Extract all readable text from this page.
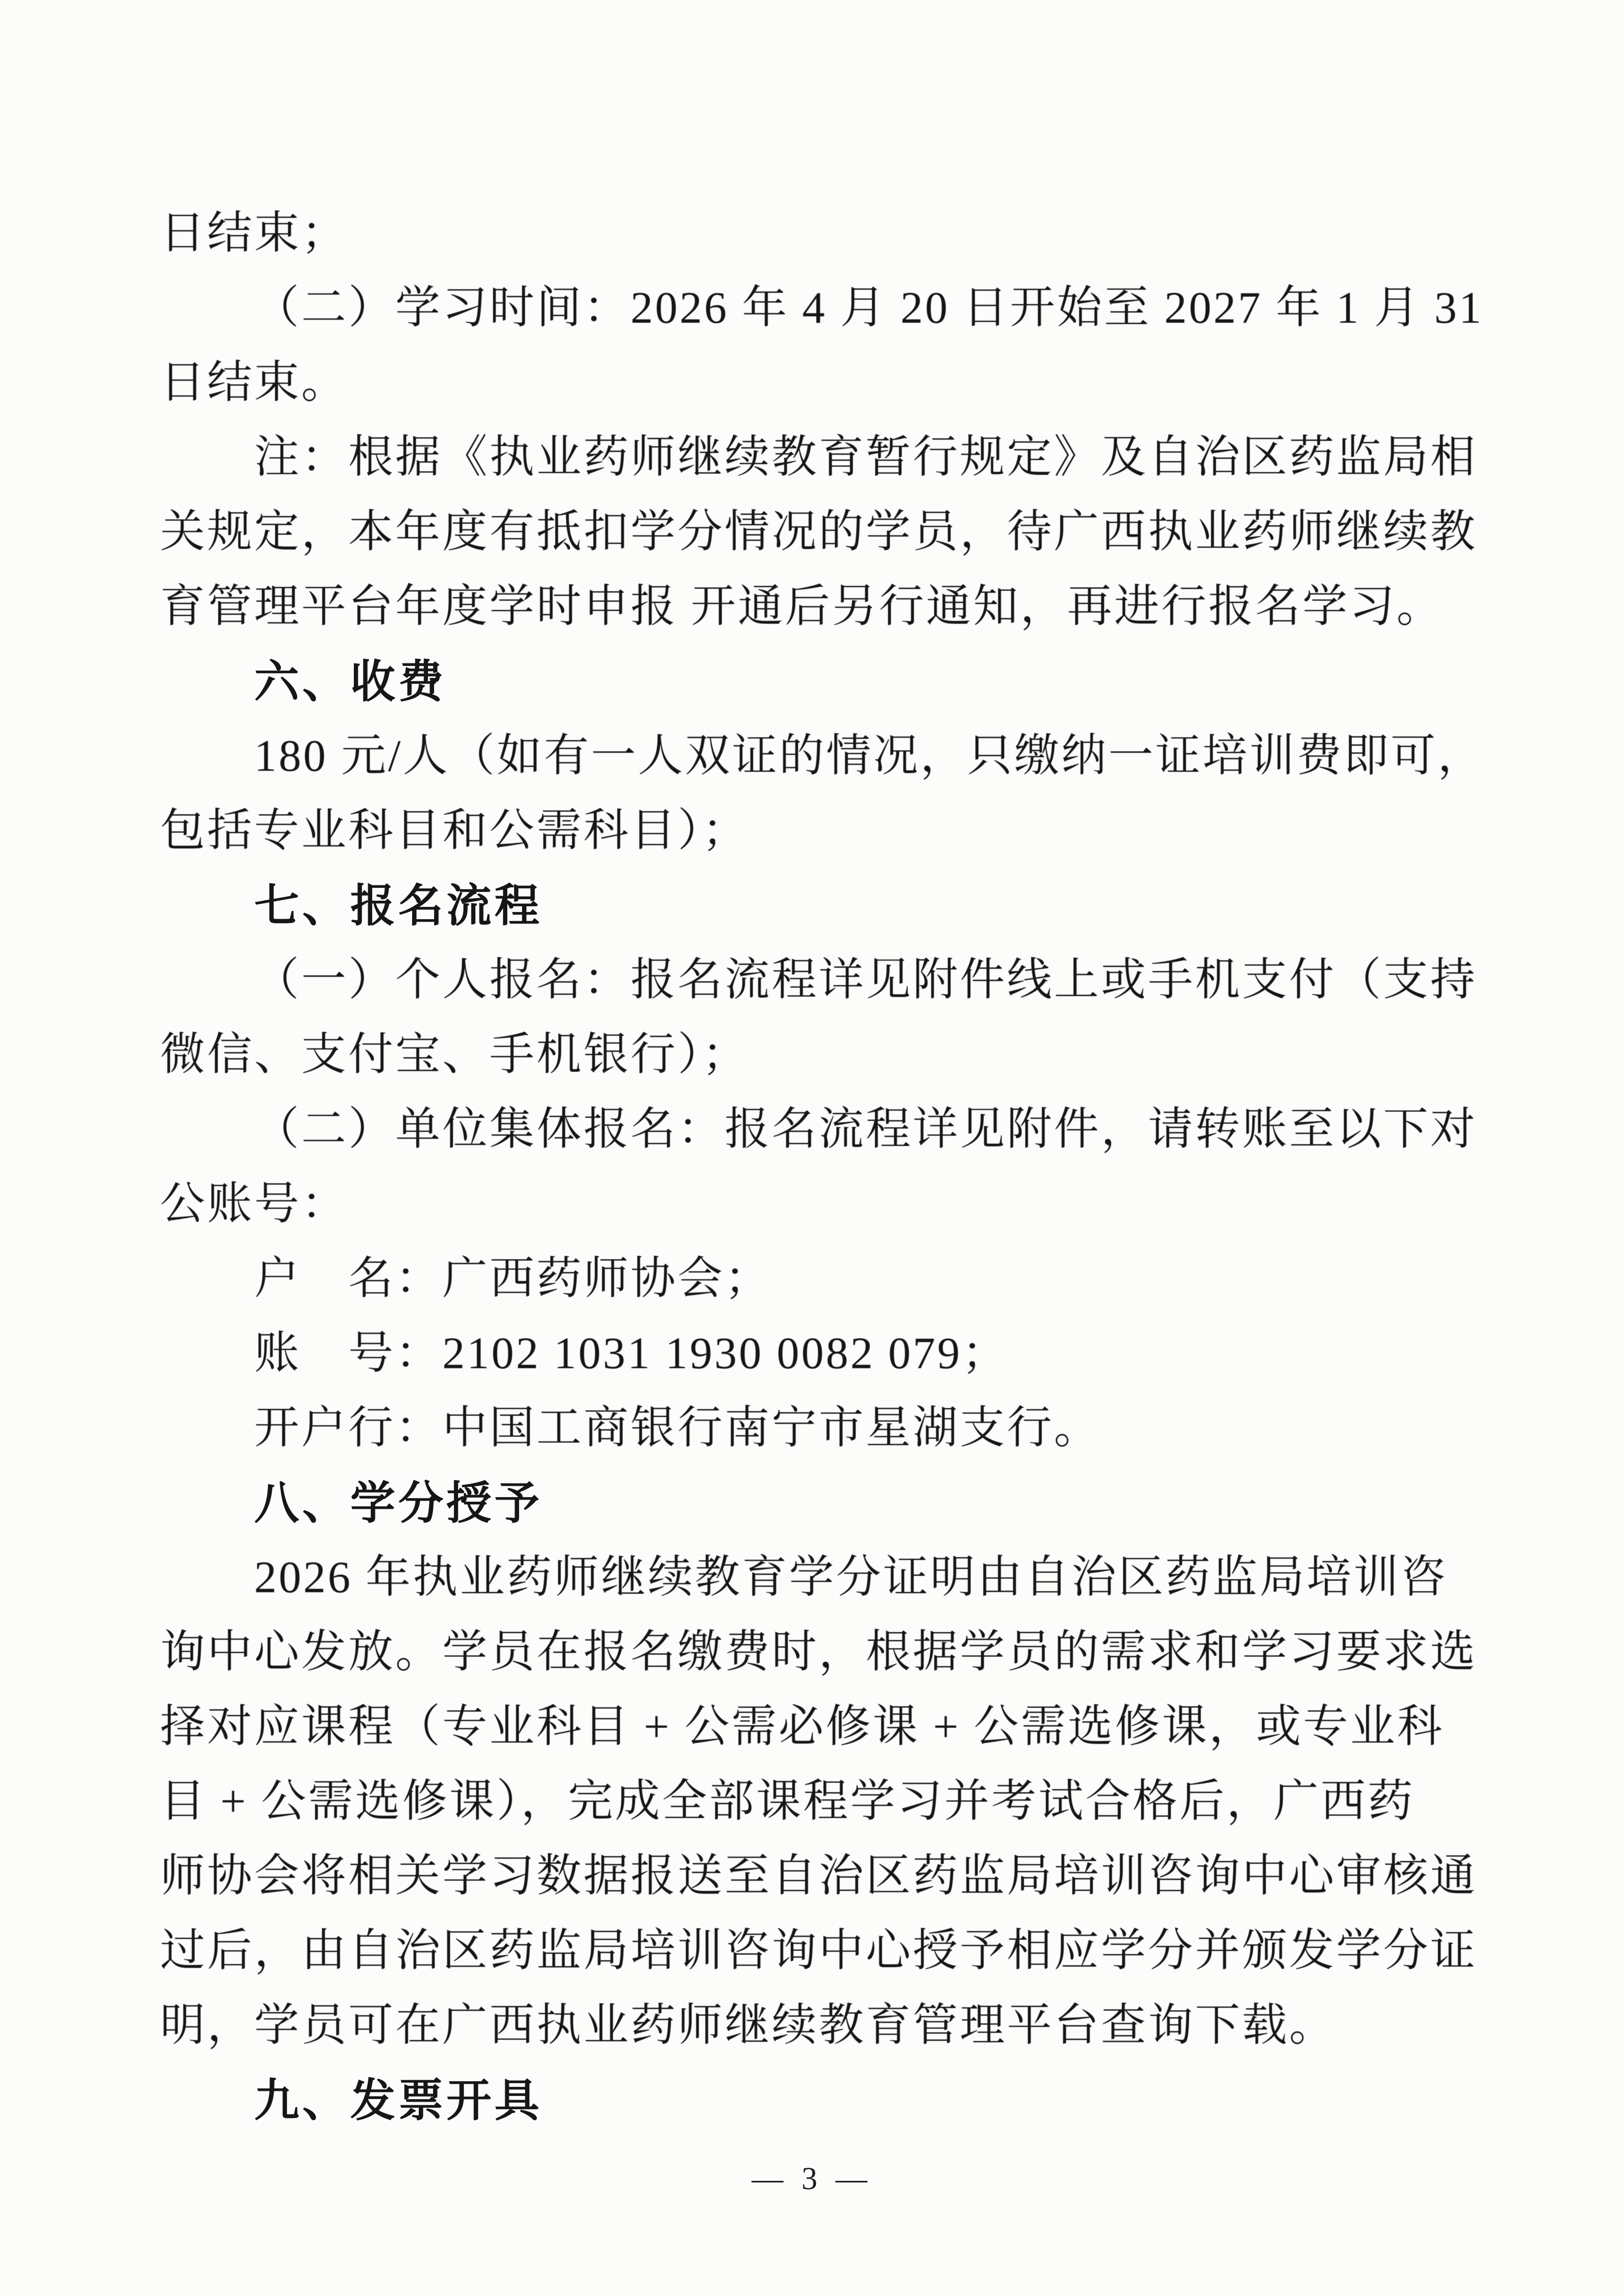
日结束；
（二）学习时间：2026 年 4 月 20 日开始至 2027 年 1 月 31
日结束。
注：根据《执业药师继续教育暂行规定》及自治区药监局相
关规定，本年度有抵扣学分情况的学员，待广西执业药师继续教
育管理平台年度学时申报 开通后另行通知，再进行报名学习。
六、收费
180 元/人（如有一人双证的情况，只缴纳一证培训费即可，
包括专业科目和公需科目）；
七、报名流程
（一）个人报名：报名流程详见附件线上或手机支付（支持
微信、支付宝、手机银行）；
（二）单位集体报名：报名流程详见附件，请转账至以下对
公账号：
户　名：广西药师协会；
账　号：2102 1031 1930 0082 079；
开户行：中国工商银行南宁市星湖支行。
八、学分授予
2026 年执业药师继续教育学分证明由自治区药监局培训咨
询中心发放。学员在报名缴费时，根据学员的需求和学习要求选
择对应课程（专业科目 + 公需必修课 + 公需选修课，或专业科
目 + 公需选修课），完成全部课程学习并考试合格后，广西药
师协会将相关学习数据报送至自治区药监局培训咨询中心审核通
过后，由自治区药监局培训咨询中心授予相应学分并颁发学分证
明，学员可在广西执业药师继续教育管理平台查询下载。
九、发票开具
— 3 —
